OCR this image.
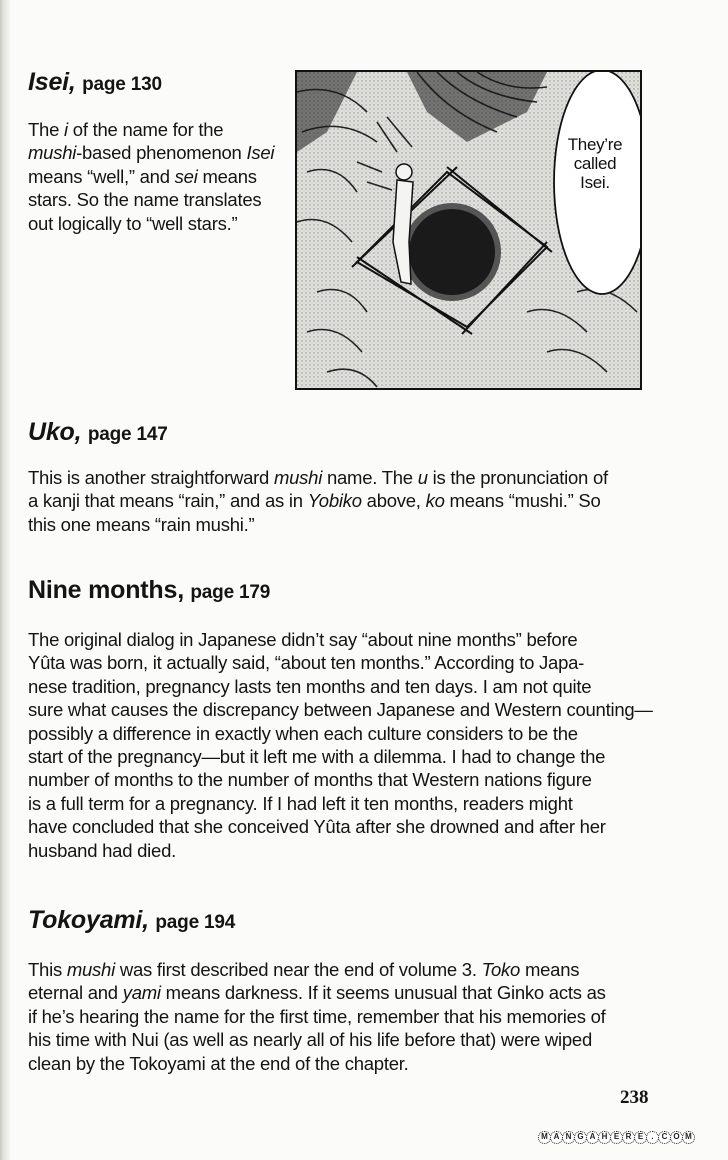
Isei, page 130
The i of the name for the
mushi-based phenomenon Isei
means “well,” and sei means
stars. So the name translates
out logically to “well stars.”
They’re
called
Isei.
Uko, page 147
This is another straightforward mushi name. The u is the pronunciation of
a kanji that means “rain,” and as in Yobiko above, ko means “mushi.” So
this one means “rain mushi.”
Nine months, page 179
The original dialog in Japanese didn’t say “about nine months” before
Yûta was born, it actually said, “about ten months.” According to Japa-
nese tradition, pregnancy lasts ten months and ten days. I am not quite
sure what causes the discrepancy between Japanese and Western counting—
possibly a difference in exactly when each culture considers to be the
start of the pregnancy—but it left me with a dilemma. I had to change the
number of months to the number of months that Western nations figure
is a full term for a pregnancy. If I had left it ten months, readers might
have concluded that she conceived Yûta after she drowned and after her
husband had died.
Tokoyami, page 194
This mushi was first described near the end of volume 3. Toko means
eternal and yami means darkness. If it seems unusual that Ginko acts as
if he’s hearing the name for the first time, remember that his memories of
his time with Nui (as well as nearly all of his life before that) were wiped
clean by the Tokoyami at the end of the chapter.
238
M A N G A H E R E	.	C O M
